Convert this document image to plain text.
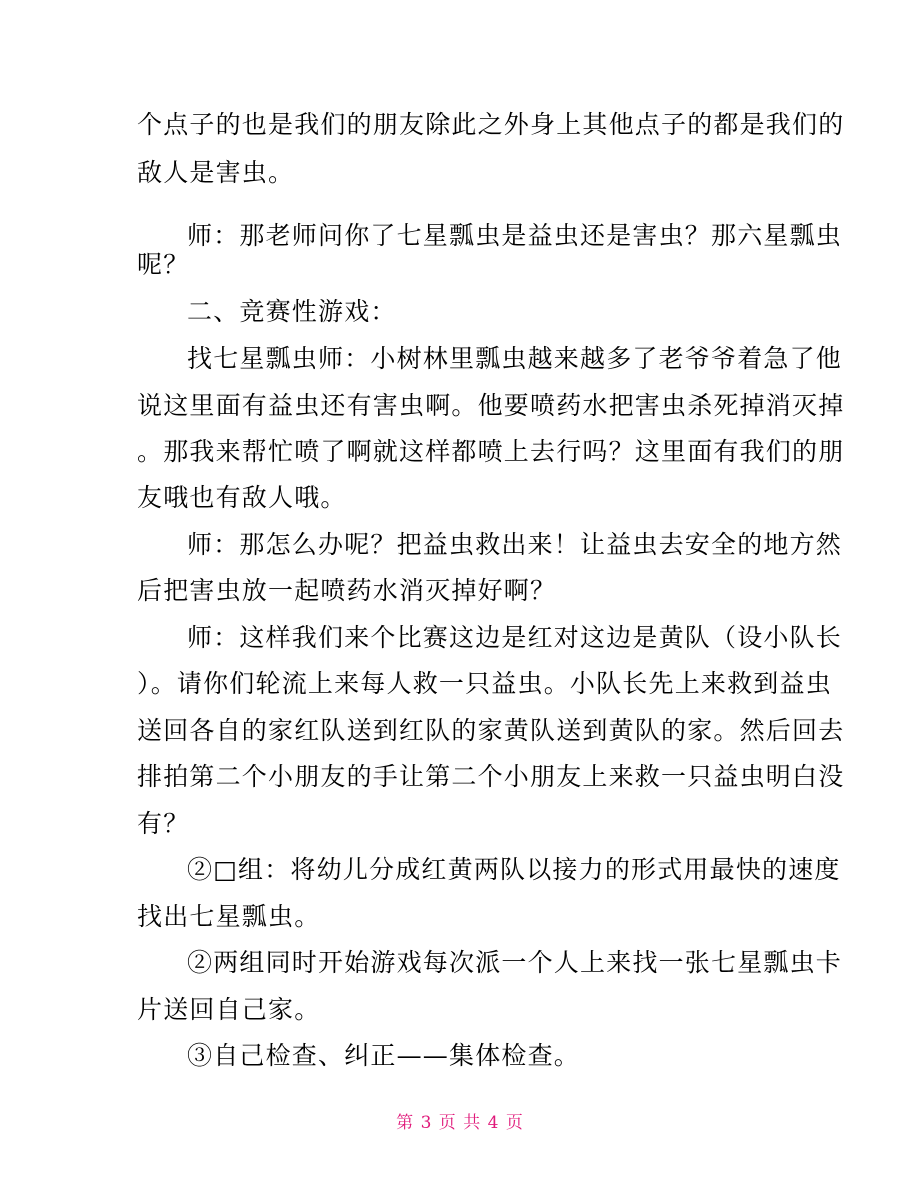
个点子的也是我们的朋友除此之外身上其他点子的都是我们的
敌人是害虫。
师：那老师问你了七星瓢虫是益虫还是害虫？那六星瓢虫
呢？
二、竞赛性游戏：
找七星瓢虫师：小树林里瓢虫越来越多了老爷爷着急了他
说这里面有益虫还有害虫啊。他要喷药水把害虫杀死掉消灭掉
。那我来帮忙喷了啊就这样都喷上去行吗？这里面有我们的朋
友哦也有敌人哦。
师：那怎么办呢？把益虫救出来！让益虫去安全的地方然
后把害虫放一起喷药水消灭掉好啊？
师：这样我们来个比赛这边是红对这边是黄队（设小队长
）。请你们轮流上来每人救一只益虫。小队长先上来救到益虫
送回各自的家红队送到红队的家黄队送到黄队的家。然后回去
排拍第二个小朋友的手让第二个小朋友上来救一只益虫明白没
有？
②□组：将幼儿分成红黄两队以接力的形式用最快的速度
找出七星瓢虫。
②两组同时开始游戏每次派一个人上来找一张七星瓢虫卡
片送回自己家。
③自己检查、纠正——集体检查。
第 3 页 共 4 页
